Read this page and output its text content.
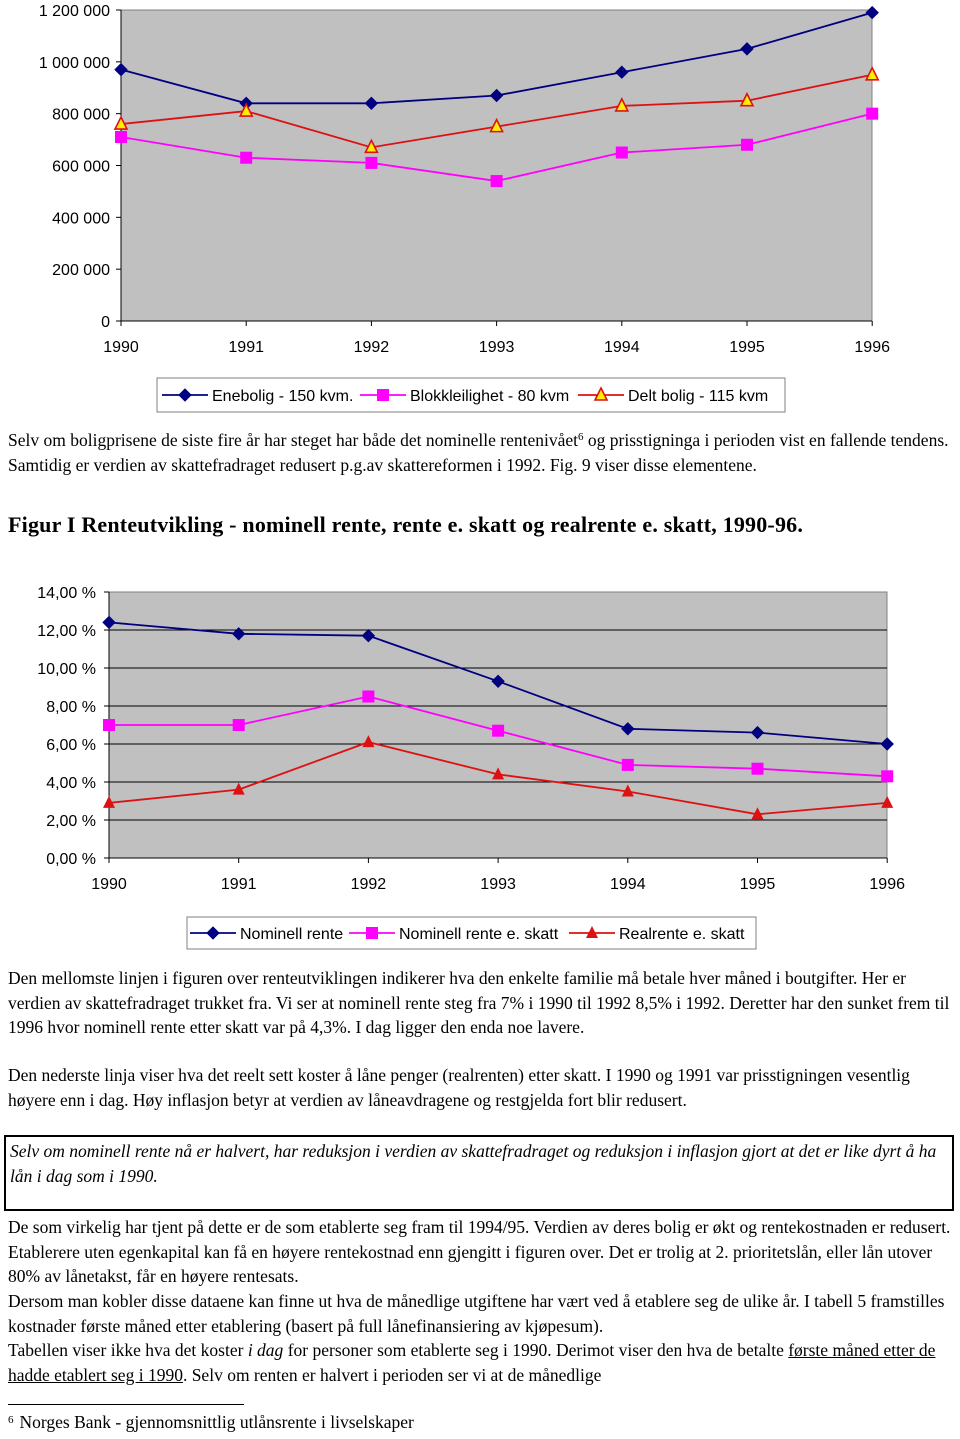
0
200 000
400 000
600 000
800 000
1 000 000
1 200 000
1990	1991	1992	1993	1994	1995	1996
Enebolig - 150 kvm.	Blokkleilighet - 80 kvm	Delt bolig - 115 kvm

Selv om boligprisene de siste fire år har steget har både det nominelle rentenivået$^6$ og prisstigninga i perioden vist en fallende tendens. Samtidig er verdien av skattefradraget redusert p.g.av skattereformen i 1992. Fig. 9 viser disse elementene.

Figur I Renteutvikling - nominell rente, rente e. skatt og realrente e. skatt, 1990-96.

0,00 %
2,00 %
4,00 %
6,00 %
8,00 %
10,00 %
12,00 %
14,00 %
1990	1991	1992	1993	1994	1995	1996
Nominell rente	Nominell rente e. skatt	Realrente e. skatt

Den mellomste linjen i figuren over renteutviklingen indikerer hva den enkelte familie må betale hver måned i boutgifter. Her er verdien av skattefradraget trukket fra. Vi ser at nominell rente steg fra 7% i 1990 til 1992 8,5% i 1992. Deretter har den sunket frem til 1996 hvor nominell rente etter skatt var på 4,3%. I dag ligger den enda noe lavere.

Den nederste linja viser hva det reelt sett koster å låne penger (realrenten) etter skatt. I 1990 og 1991 var prisstigningen vesentlig høyere enn i dag. Høy inflasjon betyr at verdien av låneavdragene og restgjelda fort blir redusert.

Selv om nominell rente nå er halvert, har reduksjon i verdien av skattefradraget og reduksjon i inflasjon gjort at det er like dyrt å ha lån i dag som i 1990.

De som virkelig har tjent på dette er de som etablerte seg fram til 1994/95. Verdien av deres bolig er økt og rentekostnaden er redusert. Etablerere uten egenkapital kan få en høyere rentekostnad enn gjengitt i figuren over. Det er trolig at 2. prioritetslån, eller lån utover 80% av lånetakst, får en høyere rentesats.

Dersom man kobler disse dataene kan finne ut hva de månedlige utgiftene har vært ved å etablere seg de ulike år. I tabell 5 framstilles kostnader første måned etter etablering (basert på full lånefinansiering av kjøpesum).

Tabellen viser ikke hva det koster i dag for personer som etablerte seg i 1990. Derimot viser den hva de betalte første måned etter de hadde etablert seg i 1990. Selv om renten er halvert i perioden ser vi at de månedlige

$^6$ Norges Bank - gjennomsnittlig utlånsrente i livselskaper
